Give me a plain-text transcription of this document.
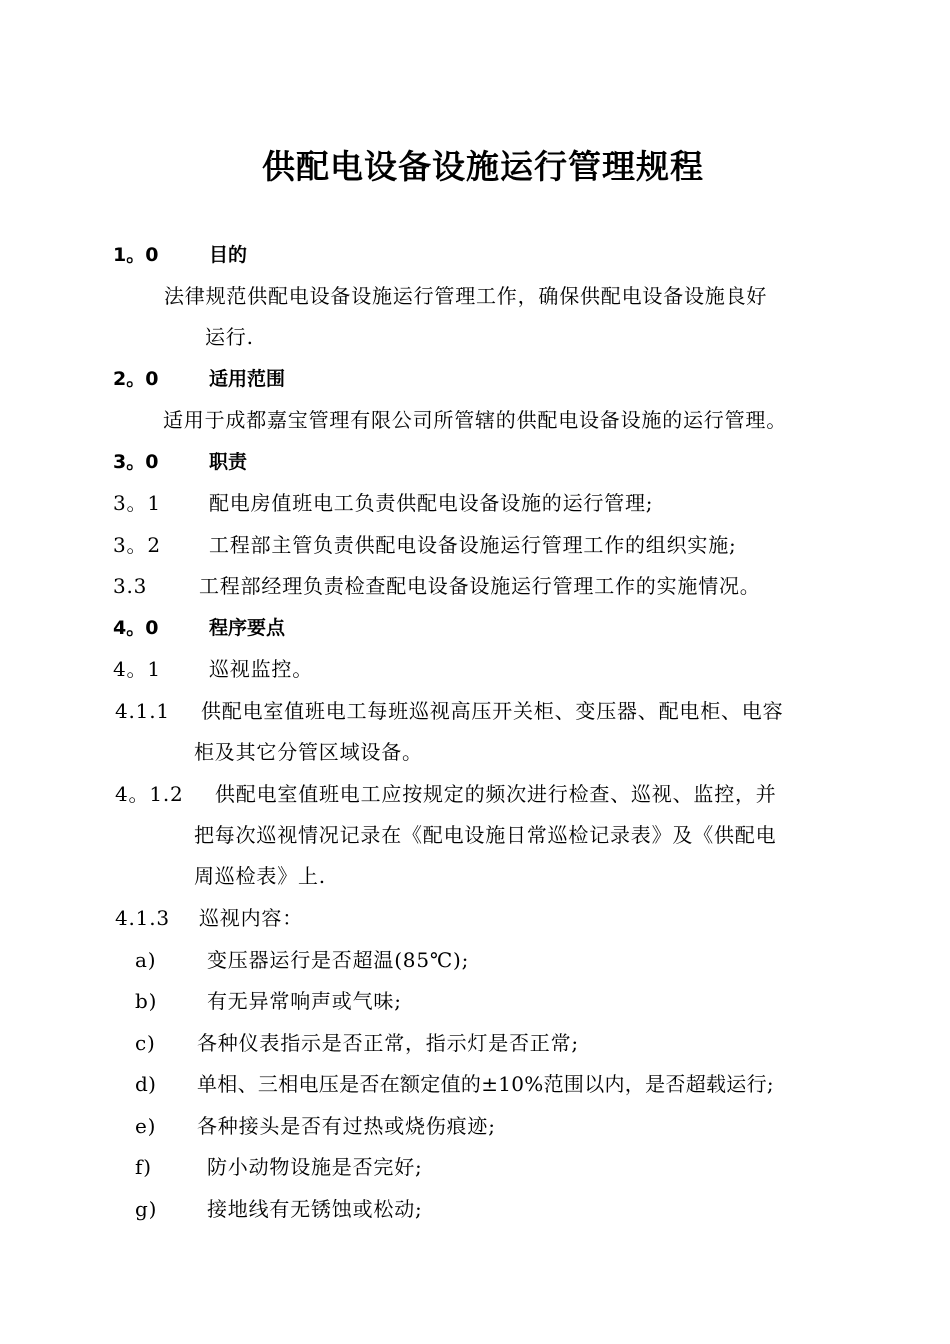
供配电设备设施运行管理规程
1。0	目的
法律规范供配电设备设施运行管理工作，确保供配电设备设施良好
运行.
2。0	适用范围
适用于成都嘉宝管理有限公司所管辖的供配电设备设施的运行管理。
3。0	职责
3。1 配电房值班电工负责供配电设备设施的运行管理;
3。2 工程部主管负责供配电设备设施运行管理工作的组织实施;
3.3	工程部经理负责检查配电设备设施运行管理工作的实施情况。
4。0	程序要点
4。1 巡视监控。
4.1.1 供配电室值班电工每班巡视高压开关柜、变压器、配电柜、电容
柜及其它分管区域设备。
4。1.2 供配电室值班电工应按规定的频次进行检查、巡视、监控，并
把每次巡视情况记录在《配电设施日常巡检记录表》及《供配电
周巡检表》上.
4.1.3 巡视内容：
a)	变压器运行是否超温(85℃);
b) 有无异常响声或气味;
c) 各种仪表指示是否正常，指示灯是否正常;
d) 单相、三相电压是否在额定值的±10%范围以内，是否超载运行;
e) 各种接头是否有过热或烧伤痕迹;
f)	防小动物设施是否完好;
g) 接地线有无锈蚀或松动;
